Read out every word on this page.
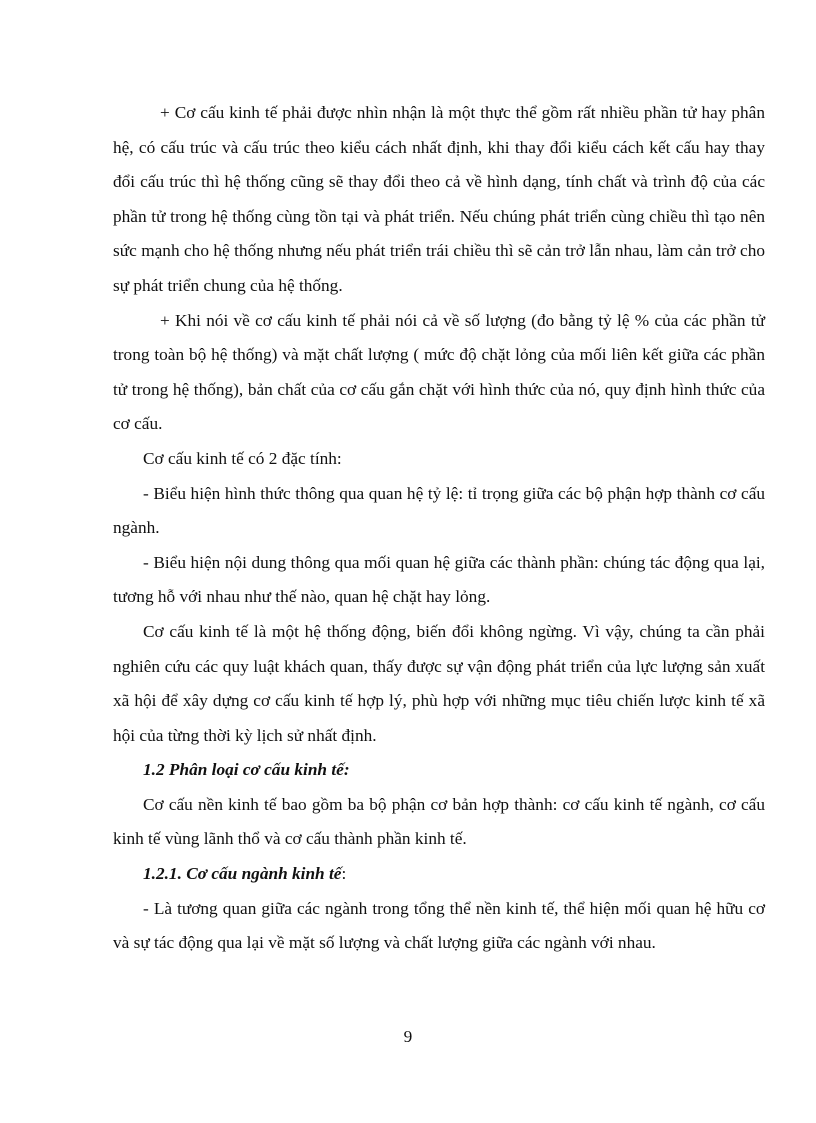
+ Cơ cấu kinh tế phải được nhìn nhận là một thực thể gồm rất nhiều phần tử hay phân hệ, có cấu trúc và cấu trúc theo kiểu cách nhất định, khi thay đổi kiểu cách kết cấu hay thay đổi cấu trúc thì hệ thống cũng sẽ thay đổi theo cả về hình dạng, tính chất và trình độ của các phần tử trong hệ thống cùng tồn tại và phát triển. Nếu chúng phát triển cùng chiều thì tạo nên sức mạnh cho hệ thống nhưng nếu phát triển trái chiều thì sẽ cản trở lẫn nhau, làm cản trở cho sự phát triển chung của hệ thống.

+ Khi nói về cơ cấu kinh tế phải nói cả về số lượng (đo bằng tỷ lệ % của các phần tử trong toàn bộ hệ thống) và mặt chất lượng ( mức độ chặt lỏng của mối liên kết giữa các phần tử trong hệ thống), bản chất của cơ cấu gắn chặt với hình thức của nó, quy định hình thức của cơ cấu.

Cơ cấu kinh tế có 2 đặc tính:

- Biểu hiện hình thức thông qua quan hệ tỷ lệ: tỉ trọng giữa các bộ phận hợp thành cơ cấu ngành.

- Biểu hiện nội dung thông qua mối quan hệ giữa các thành phần: chúng tác động qua lại, tương hỗ với nhau như thế nào, quan hệ chặt hay lỏng.

Cơ cấu kinh tế là một hệ thống động, biến đổi không ngừng. Vì vậy, chúng ta cần phải nghiên cứu các quy luật khách quan, thấy được sự vận động phát triển của lực lượng sản xuất xã hội để xây dựng cơ cấu kinh tế hợp lý, phù hợp với những mục tiêu chiến lược kinh tế xã hội của từng thời kỳ lịch sử nhất định.

1.2 Phân loại cơ cấu kinh tế:

Cơ cấu nền kinh tế bao gồm ba bộ phận cơ bản hợp thành: cơ cấu kinh tế ngành, cơ cấu kinh tế vùng lãnh thổ và cơ cấu thành phần kinh tế.

1.2.1. Cơ cấu ngành kinh tế:

- Là tương quan giữa các ngành trong tổng thể nền kinh tế, thể hiện mối quan hệ hữu cơ và sự tác động qua lại về mặt số lượng và chất lượng giữa các ngành với nhau.

9
